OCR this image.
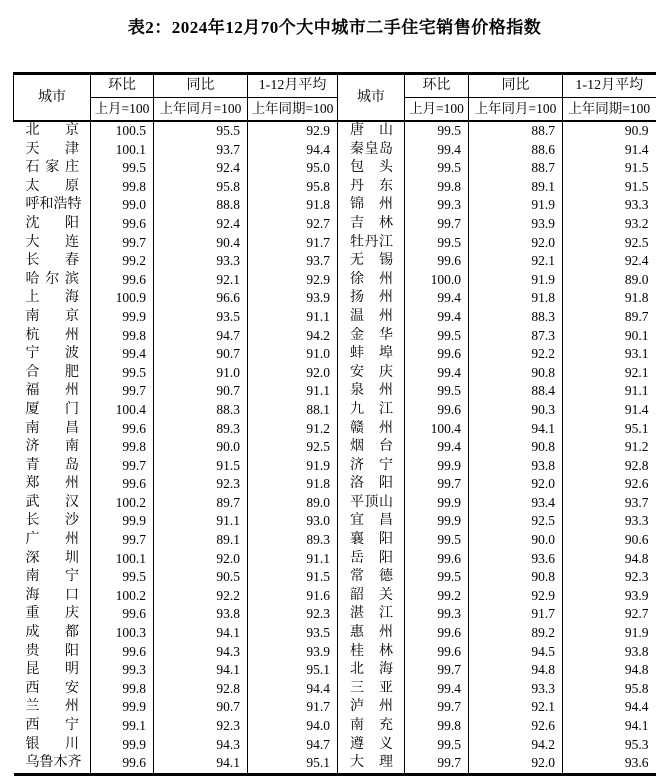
表2：2024年12月70个大中城市二手住宅销售价格指数
城市	环比	同比	1-12月平均	城市	环比	同比	1-12月平均
	上月=100	上年同月=100	上年同期=100		上月=100	上年同月=100	上年同期=100
北京	100.5	95.5	92.9	唐山	99.5	88.7	90.9
天津	100.1	93.7	94.4	秦皇岛	99.4	88.6	91.4
石家庄	99.5	92.4	95.0	包头	99.5	88.7	91.5
太原	99.8	95.8	95.8	丹东	99.8	89.1	91.5
呼和浩特	99.0	88.8	91.8	锦州	99.3	91.9	93.3
沈阳	99.6	92.4	92.7	吉林	99.7	93.9	93.2
大连	99.7	90.4	91.7	牡丹江	99.5	92.0	92.5
长春	99.2	93.3	93.7	无锡	99.6	92.1	92.4
哈尔滨	99.6	92.1	92.9	徐州	100.0	91.9	89.0
上海	100.9	96.6	93.9	扬州	99.4	91.8	91.8
南京	99.9	93.5	91.1	温州	99.4	88.3	89.7
杭州	99.8	94.7	94.2	金华	99.5	87.3	90.1
宁波	99.4	90.7	91.0	蚌埠	99.6	92.2	93.1
合肥	99.5	91.0	92.0	安庆	99.4	90.8	92.1
福州	99.7	90.7	91.1	泉州	99.5	88.4	91.1
厦门	100.4	88.3	88.1	九江	99.6	90.3	91.4
南昌	99.6	89.3	91.2	赣州	100.4	94.1	95.1
济南	99.8	90.0	92.5	烟台	99.4	90.8	91.2
青岛	99.7	91.5	91.9	济宁	99.9	93.8	92.8
郑州	99.6	92.3	91.8	洛阳	99.7	92.0	92.6
武汉	100.2	89.7	89.0	平顶山	99.9	93.4	93.7
长沙	99.9	91.1	93.0	宜昌	99.9	92.5	93.3
广州	99.7	89.1	89.3	襄阳	99.5	90.0	90.6
深圳	100.1	92.0	91.1	岳阳	99.6	93.6	94.8
南宁	99.5	90.5	91.5	常德	99.5	90.8	92.3
海口	100.2	92.2	91.6	韶关	99.2	92.9	93.9
重庆	99.6	93.8	92.3	湛江	99.3	91.7	92.7
成都	100.3	94.1	93.5	惠州	99.6	89.2	91.9
贵阳	99.6	94.3	93.9	桂林	99.6	94.5	93.8
昆明	99.3	94.1	95.1	北海	99.7	94.8	94.8
西安	99.8	92.8	94.4	三亚	99.4	93.3	95.8
兰州	99.9	90.7	91.7	泸州	99.7	92.1	94.4
西宁	99.1	92.3	94.0	南充	99.8	92.6	94.1
银川	99.9	94.3	94.7	遵义	99.5	94.2	95.3
乌鲁木齐	99.6	94.1	95.1	大理	99.7	92.0	93.6
